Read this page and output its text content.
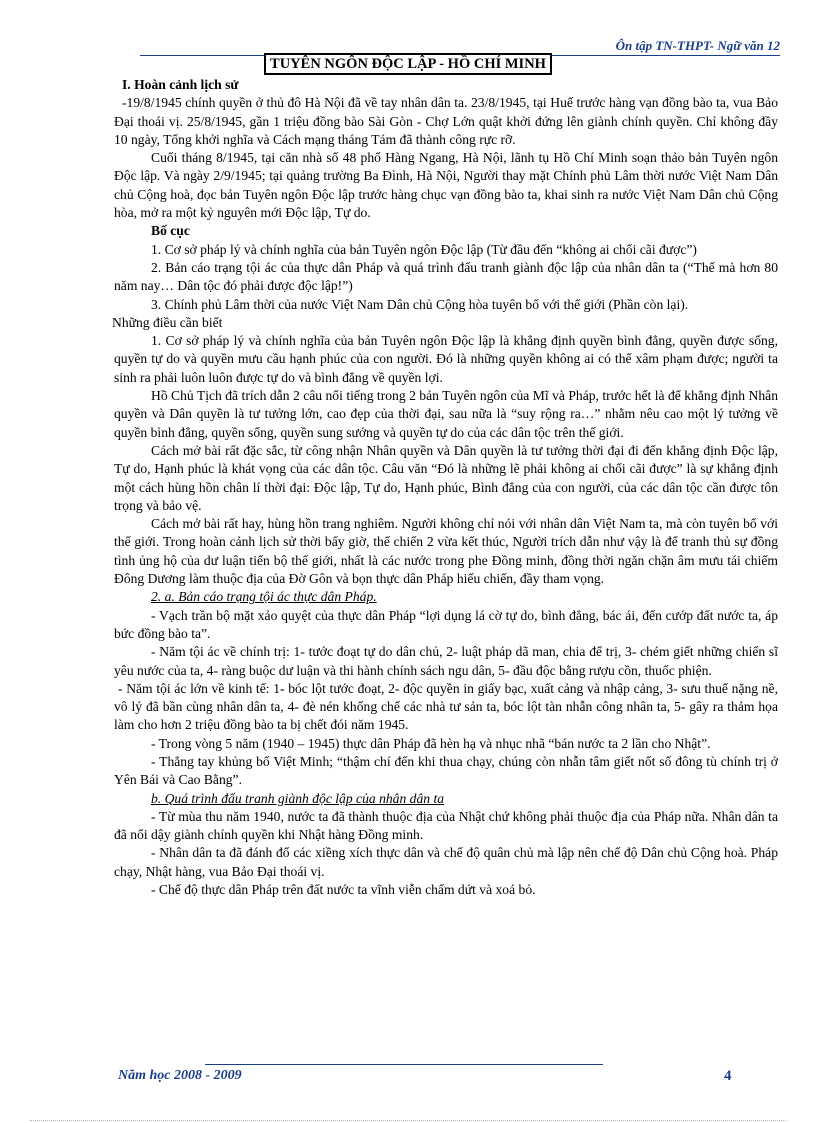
Ôn tập TN-THPT- Ngữ văn 12
TUYÊN NGÔN ĐỘC LẬP - HỒ CHÍ MINH

I. Hoàn cảnh lịch sử

-19/8/1945 chính quyền ở thủ đô Hà Nội đã về tay nhân dân ta. 23/8/1945, tại Huế trước hàng vạn đồng bào ta, vua Bảo Đại thoái vị. 25/8/1945, gần 1 triệu đồng bào Sài Gòn - Chợ Lớn quật khởi đứng lên giành chính quyền. Chỉ không đầy 10 ngày, Tổng khởi nghĩa và Cách mạng tháng Tám đã thành công rực rỡ.

Cuối tháng 8/1945, tại căn nhà số 48 phố Hàng Ngang, Hà Nội, lãnh tụ Hồ Chí Minh soạn thảo bản Tuyên ngôn Độc lập. Và ngày 2/9/1945; tại quảng trường Ba Đình, Hà Nội, Người thay mặt Chính phủ Lâm thời nước Việt Nam Dân chủ Cộng hoà, đọc bản Tuyên ngôn Độc lập trước hàng chục vạn đồng bào ta, khai sinh ra nước Việt Nam Dân chủ Cộng hòa, mở ra một kỷ nguyên mới Độc lập, Tự do.

Bố cục

1. Cơ sở pháp lý và chính nghĩa của bản Tuyên ngôn Độc lập (Từ đầu đến “không ai chối cãi được”)

2. Bản cáo trạng tội ác của thực dân Pháp và quá trình đấu tranh giành độc lập của nhân dân ta (“Thế mà hơn 80 năm nay… Dân tộc đó phải được độc lập!”)

3. Chính phủ Lâm thời của nước Việt Nam Dân chủ Cộng hòa tuyên bố với thế giới (Phần còn lại).

Những điều cần biết

1. Cơ sở pháp lý và chính nghĩa của bản Tuyên ngôn Độc lập là khẳng định quyền bình đẳng, quyền được sống, quyền tự do và quyền mưu cầu hạnh phúc của con người. Đó là những quyền không ai có thể xâm phạm được; người ta sinh ra phải luôn luôn được tự do và bình đẳng về quyền lợi.

Hồ Chủ Tịch đã trích dẫn 2 câu nổi tiếng trong 2 bản Tuyên ngôn của Mĩ và Pháp, trước hết là để khẳng định Nhân quyền và Dân quyền là tư tưởng lớn, cao đẹp của thời đại, sau nữa là “suy rộng ra…” nhằm nêu cao một lý tưởng về quyền bình đẳng, quyền sống, quyền sung sướng và quyền tự do của các dân tộc trên thế giới.

Cách mở bài rất đặc sắc, từ công nhận Nhân quyền và Dân quyền là tư tưởng thời đại đi đến khẳng định Độc lập, Tự do, Hạnh phúc là khát vọng của các dân tộc. Câu văn “Đó là những lẽ phải không ai chối cãi được” là sự khẳng định một cách hùng hồn chân lí thời đại: Độc lập, Tự do, Hạnh phúc, Bình đẳng của con người, của các dân tộc cần được tôn trọng và bảo vệ.

Cách mở bài rất hay, hùng hồn trang nghiêm. Người không chỉ nói với nhân dân Việt Nam ta, mà còn tuyên bố với thế giới. Trong hoàn cảnh lịch sử thời bấy giờ, thế chiến 2 vừa kết thúc, Người trích dẫn như vậy là để tranh thủ sự đồng tình ủng hộ của dư luận tiến bộ thế giới, nhất là các nước trong phe Đồng minh, đồng thời ngăn chặn âm mưu tái chiếm Đông Dương làm thuộc địa của Đờ Gôn và bọn thực dân Pháp hiếu chiến, đầy tham vọng.

2. a. Bản cáo trạng tội ác thực dân Pháp.

- Vạch trần bộ mặt xảo quyệt của thực dân Pháp “lợi dụng lá cờ tự do, bình đẳng, bác ái, đến cướp đất nước ta, áp bức đồng bào ta”.

- Năm tội ác về chính trị: 1- tước đoạt tự do dân chủ, 2- luật pháp dã man, chia để trị, 3- chém giết những chiến sĩ yêu nước của ta, 4- ràng buộc dư luận và thi hành chính sách ngu dân, 5- đầu độc bằng rượu cồn, thuốc phiện.

- Năm tội ác lớn về kinh tế: 1- bóc lột tước đoạt, 2- độc quyền in giấy bạc, xuất cảng và nhập cảng, 3- sưu thuế nặng nề, vô lý đã bần cùng nhân dân ta, 4- đè nén khống chế các nhà tư sản ta, bóc lột tàn nhẫn công nhân ta, 5- gây ra thảm họa làm cho hơn 2 triệu đồng bào ta bị chết đói năm 1945.

- Trong vòng 5 năm (1940 – 1945) thực dân Pháp đã hèn hạ và nhục nhã “bán nước ta 2 lần cho Nhật”.

- Thẳng tay khủng bố Việt Minh; “thậm chí đến khi thua chạy, chúng còn nhẫn tâm giết nốt số đông tù chính trị ở Yên Bái và Cao Bằng”.

b. Quá trình đấu tranh giành độc lập của nhân dân ta

- Từ mùa thu năm 1940, nước ta đã thành thuộc địa của Nhật chứ không phải thuộc địa của Pháp nữa. Nhân dân ta đã nổi dậy giành chính quyền khi Nhật hàng Đồng minh.

- Nhân dân ta đã đánh đổ các xiềng xích thực dân và chế độ quân chủ mà lập nên chế độ Dân chủ Cộng hoà. Pháp chạy, Nhật hàng, vua Bảo Đại thoái vị.

- Chế độ thực dân Pháp trên đất nước ta vĩnh viễn chấm dứt và xoá bỏ.

Năm học 2008 - 2009	4
